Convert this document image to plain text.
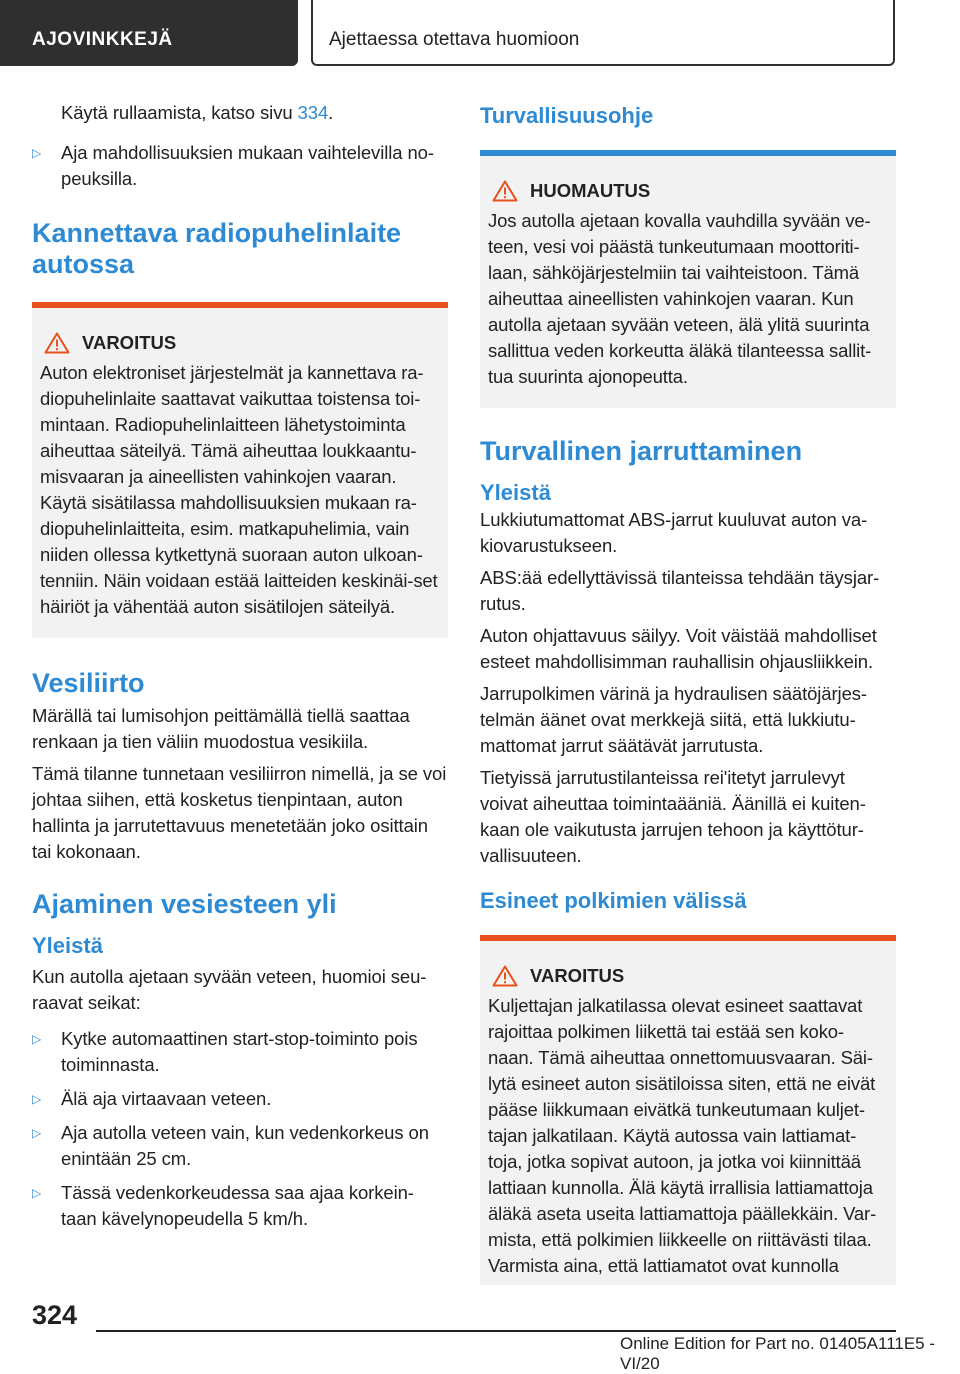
AJOVINKKEJÄ	Ajettaessa otettava huomioon

Käytä rullaamista, katso sivu 334.

▷ Aja mahdollisuuksien mukaan vaihtelevilla no-peuksilla.
Kannettava radiopuhelinlaite autossa
VAROITUS

Auton elektroniset järjestelmät ja kannettava ra-diopuhelinlaite saattavat vaikuttaa toistensa toi-mintaan. Radiopuhelinlaitteen lähetystoiminta aiheuttaa säteilyä. Tämä aiheuttaa loukkaantu-misvaaran ja aineellisten vahinkojen vaaran. Käytä sisätilassa mahdollisuuksien mukaan ra-diopuhelinlaitteita, esim. matkapuhelimia, vain niiden ollessa kytkettynä suoraan auton ulkoan-tenniin. Näin voidaan estää laitteiden keskinäi-set häiriöt ja vähentää auton sisätilojen säteilyä.

Vesiliirto

Märällä tai lumisohjon peittämällä tiellä saattaa renkaan ja tien väliin muodostua vesikiila.

Tämä tilanne tunnetaan vesiliirron nimellä, ja se voi johtaa siihen, että kosketus tienpintaan, auton hallinta ja jarrutettavuus menetetään joko osittain tai kokonaan.

Ajaminen vesiesteen yli
Yleistä

Kun autolla ajetaan syvään veteen, huomioi seu-raavat seikat:

▷ Kytke automaattinen start-stop-toiminto pois toiminnasta.
▷ Älä aja virtaavaan veteen.
▷ Aja autolla veteen vain, kun vedenkorkeus on enintään 25 cm.
▷ Tässä vedenkorkeudessa saa ajaa korkein-taan kävelynopeudella 5 km/h.
Turvallisuusohje
HUOMAUTUS

Jos autolla ajetaan kovalla vauhdilla syvään ve-teen, vesi voi päästä tunkeutumaan moottoriti-laan, sähköjärjestelmiin tai vaihteistoon. Tämä aiheuttaa aineellisten vahinkojen vaaran. Kun autolla ajetaan syvään veteen, älä ylitä suurinta sallittua veden korkeutta äläkä tilanteessa sallit-tua suurinta ajonopeutta.

Turvallinen jarruttaminen
Yleistä

Lukkiutumattomat ABS-jarrut kuuluvat auton va-kiovarustukseen.

ABS:ää edellyttävissä tilanteissa tehdään täysjar-rutus.

Auton ohjattavuus säilyy. Voit väistää mahdolliset esteet mahdollisimman rauhallisin ohjausliikkein.

Jarrupolkimen värinä ja hydraulisen säätöjärjes-telmän äänet ovat merkkejä siitä, että lukkiutu-mattomat jarrut säätävät jarrutusta.

Tietyissä jarrutustilanteissa rei'itetyt jarrulevyt voivat aiheuttaa toimintaääniä. Äänillä ei kuiten-kaan ole vaikutusta jarrujen tehoon ja käyttötur-vallisuuteen.

Esineet polkimien välissä
VAROITUS

Kuljettajan jalkatilassa olevat esineet saattavat rajoittaa polkimen liikettä tai estää sen koko-naan. Tämä aiheuttaa onnettomuusvaaran. Säi-lytä esineet auton sisätiloissa siten, että ne eivät pääse liikkumaan eivätkä tunkeutumaan kuljet-tajan jalkatilaan. Käytä autossa vain lattiamat-toja, jotka sopivat autoon, ja jotka voi kiinnittää lattiaan kunnolla. Älä käytä irrallisia lattiamattoja äläkä aseta useita lattiamattoja päällekkäin. Var-mista, että polkimien liikkeelle on riittävästi tilaa. Varmista aina, että lattiamatot ovat kunnolla

324
Online Edition for Part no. 01405A111E5 - VI/20
